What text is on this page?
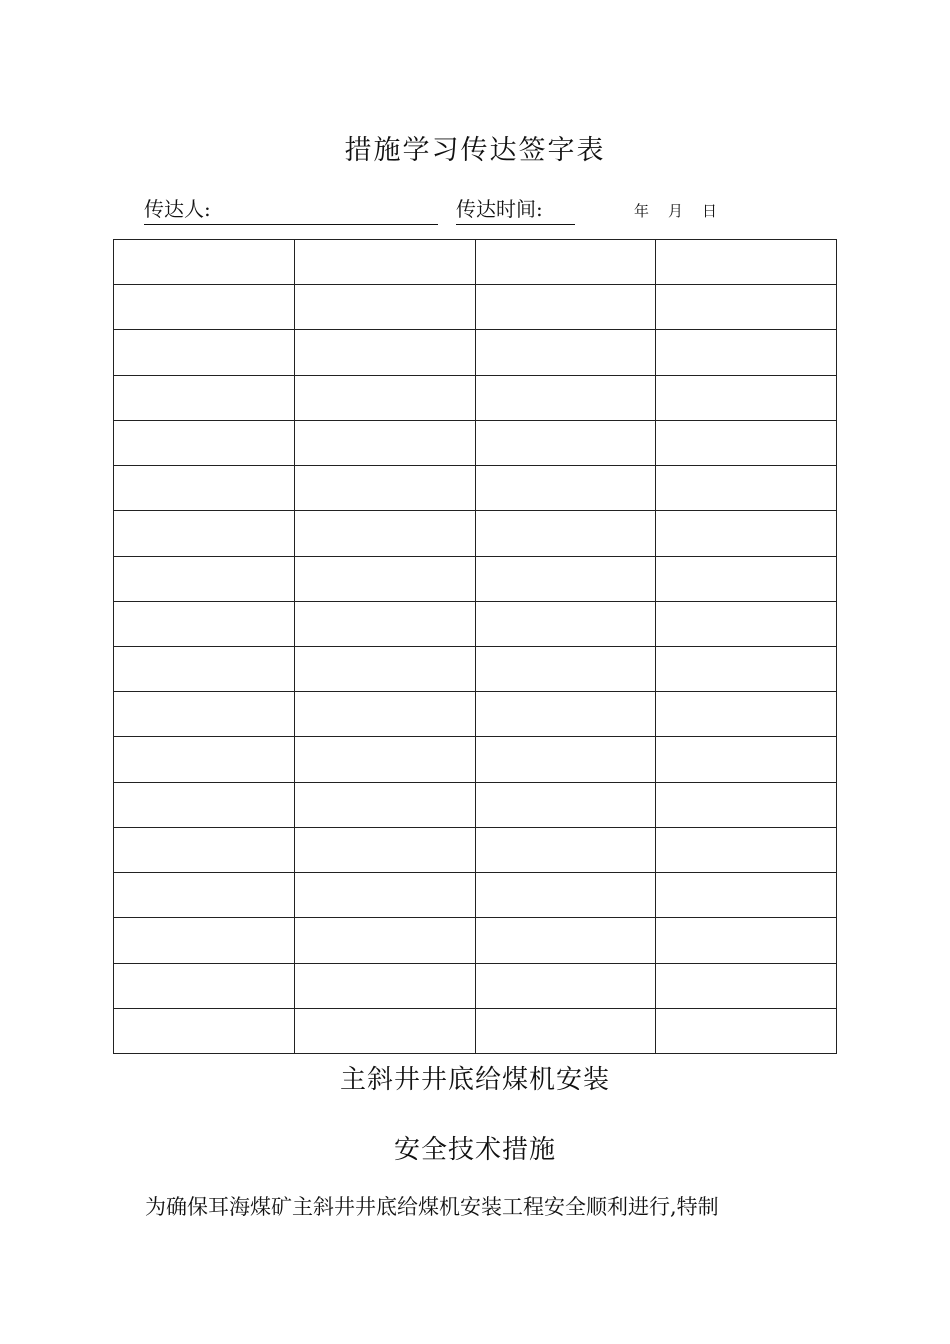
措施学习传达签字表
传达人:	传达时间:	年 月 日

主斜井井底给煤机安装
安全技术措施
为确保耳海煤矿主斜井井底给煤机安装工程安全顺利进行,特制
